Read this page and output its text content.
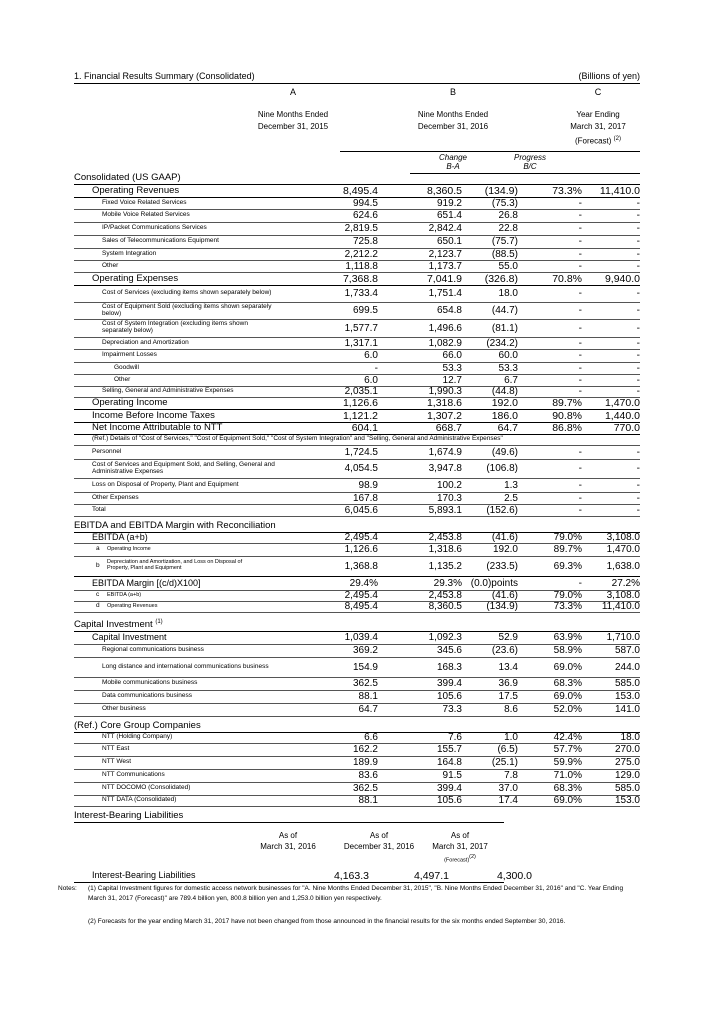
1. Financial Results Summary (Consolidated)	(Billions of yen)
A	B	C
Nine Months Ended
December 31, 2015
Nine Months Ended
December 31, 2016
Year Ending
March 31, 2017
(Forecast) $^{(2)}$
Change
B-A
Progress
B/C
Consolidated (US GAAP)
Operating Revenues	8,495.4	8,360.5 (134.9)	73.3% 11,410.0
Fixed Voice Related Services	994.5	919.2	(75.3)	-	-
Mobile Voice Related Services	624.6	651.4	26.8	-	-
IP/Packet Communications Services	2,819.5	2,842.4	22.8	-	-
Sales of Telecommunications Equipment	725.8	650.1	(75.7)	-	-
System Integration	2,212.2	2,123.7	(88.5)	-	-
Other	1,118.8	1,173.7	55.0	-	-
Operating Expenses	7,368.8	7,041.9 (326.8)	70.8% 9,940.0
Cost of Services (excluding items shown separately below)	1,733.4	1,751.4	18.0	-	-
Cost of Equipment Sold (excluding items shown separately below)	699.5	654.8	(44.7)	-	-
Cost of System Integration (excluding items shown separately below)	1,577.7	1,496.6	(81.1)	-	-
Depreciation and Amortization	1,317.1	1,082.9 (234.2)	-	-
Impairment Losses	6.0	66.0	60.0	-	-
Goodwill	-	53.3	53.3	-	-
Other	6.0	12.7	6.7	-	-
Selling, General and Administrative Expenses	2,035.1	1,990.3	(44.8)	-	-
Operating Income	1,126.6	1,318.6	192.0	89.7% 1,470.0
Income Before Income Taxes	1,121.2	1,307.2	186.0	90.8% 1,440.0
Net Income Attributable to NTT	604.1	668.7	64.7	86.8%	770.0
(Ref.) Details of "Cost of Services," "Cost of Equipment Sold," "Cost of System Integration" and "Selling, General and Administrative Expenses"
Personnel	1,724.5	1,674.9	(49.6)	-	-
Cost of Services and Equipment Sold, and Selling, General and Administrative Expenses	4,054.5	3,947.8 (106.8)	-	-
Loss on Disposal of Property, Plant and Equipment	98.9	100.2	1.3	-	-
Other Expenses	167.8	170.3	2.5	-	-
Total	6,045.6	5,893.1 (152.6)	-	-
EBITDA and EBITDA Margin with Reconciliation
EBITDA (a+b)	2,495.4	2,453.8	(41.6)	79.0% 3,108.0
a Operating Income	1,126.6	1,318.6	192.0	89.7% 1,470.0
b Depreciation and Amortization, and Loss on Disposal of Property, Plant and Equipment	1,368.8	1,135.2 (233.5)	69.3% 1,638.0
EBITDA Margin [(c/d)X100]	29.4%	29.3% (0.0)points	-	27.2%
c EBITDA (a+b)	2,495.4	2,453.8	(41.6)	79.0% 3,108.0
d Operating Revenues	8,495.4	8,360.5 (134.9)	73.3% 11,410.0
Capital Investment $^{(1)}$
Capital Investment	1,039.4	1,092.3	52.9	63.9% 1,710.0
Regional communications business	369.2	345.6	(23.6)	58.9%	587.0
Long distance and international communications business	154.9	168.3	13.4	69.0%	244.0
Mobile communications business	362.5	399.4	36.9	68.3%	585.0
Data communications business	88.1	105.6	17.5	69.0%	153.0
Other business	64.7	73.3	8.6	52.0%	141.0
(Ref.) Core Group Companies
NTT (Holding Company)	6.6	7.6	1.0	42.4%	18.0
NTT East	162.2	155.7	(6.5)	57.7%	270.0
NTT West	189.9	164.8	(25.1)	59.9%	275.0
NTT Communications	83.6	91.5	7.8	71.0%	129.0
NTT DOCOMO (Consolidated)	362.5	399.4	37.0	68.3%	585.0
NTT DATA (Consolidated)	88.1	105.6	17.4	69.0%	153.0
Interest-Bearing Liabilities
Interest-Bearing Liabilities	4,163.3	4,497.1	4,300.0
As of
March 31, 2016
As of
December 31, 2016
As of
March 31, 2017
(Forecast)$^{(2)}$
Notes: (1) Capital Investment figures for domestic access network businesses for "A. Nine Months Ended December 31, 2015", "B. Nine Months Ended December 31, 2016" and "C. Year Ending March 31, 2017 (Forecast)" are 789.4 billion yen, 800.8 billion yen and 1,253.0 billion yen respectively.
(2) Forecasts for the year ending March 31, 2017 have not been changed from those announced in the financial results for the six months ended September 30, 2016.
